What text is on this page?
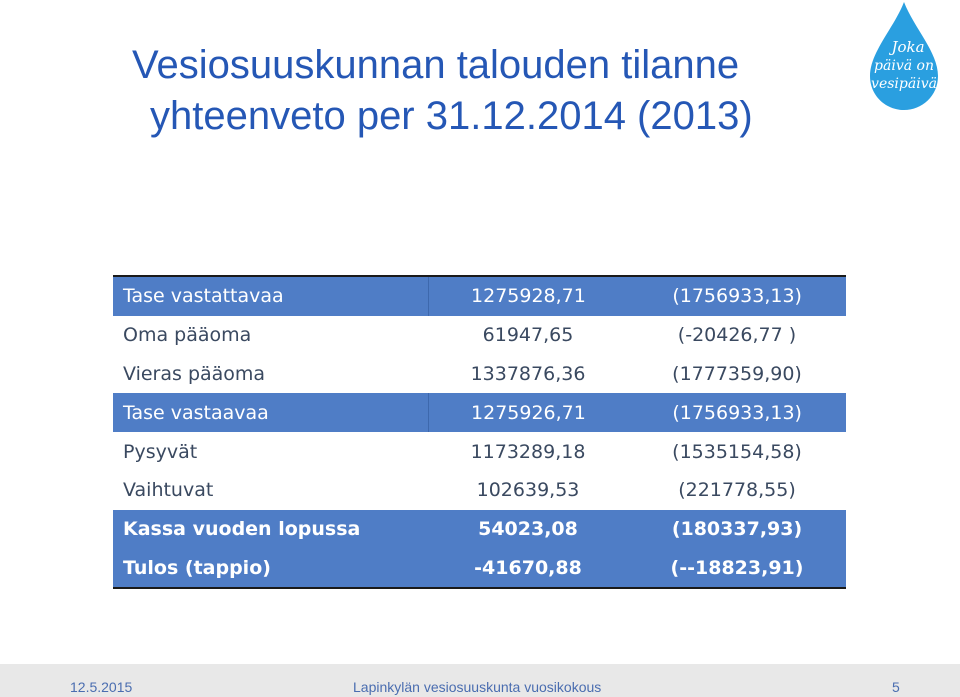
Vesiosuuskunnan talouden tilanne
yhteenveto per 31.12.2014 (2013)
Joka
päivä on
vesipäivä
Tase vastattavaa	1275928,71	(1756933,13)
Oma pääoma	61947,65	(-20426,77 )
Vieras pääoma	1337876,36	(1777359,90)
Tase vastaavaa	1275926,71	(1756933,13)
Pysyvät	1173289,18	(1535154,58)
Vaihtuvat	102639,53	(221778,55)
Kassa vuoden lopussa	54023,08	(180337,93)
Tulos (tappio)	-41670,88	(--18823,91)
12.5.2015	Lapinkylän vesiosuuskunta vuosikokous	5
